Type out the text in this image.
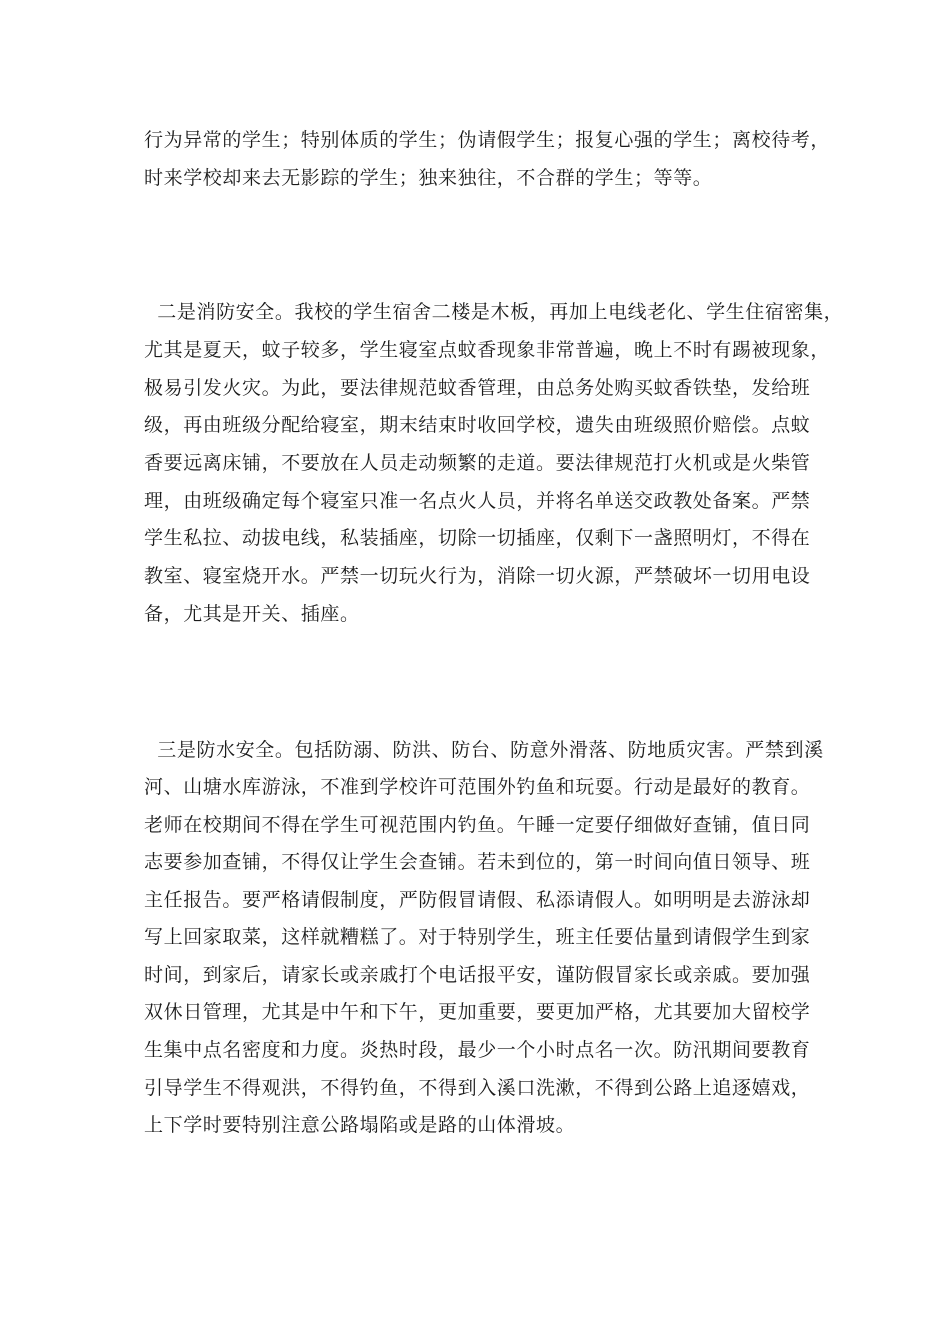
行为异常的学生；特别体质的学生；伪请假学生；报复心强的学生；离校待考，
时来学校却来去无影踪的学生；独来独往，不合群的学生；等等。
二是消防安全。我校的学生宿舍二楼是木板，再加上电线老化、学生住宿密集，
尤其是夏天，蚊子较多，学生寝室点蚊香现象非常普遍，晚上不时有踢被现象，
极易引发火灾。为此，要法律规范蚊香管理，由总务处购买蚊香铁垫，发给班
级，再由班级分配给寝室，期末结束时收回学校，遗失由班级照价赔偿。点蚊
香要远离床铺，不要放在人员走动频繁的走道。要法律规范打火机或是火柴管
理，由班级确定每个寝室只准一名点火人员，并将名单送交政教处备案。严禁
学生私拉、动拔电线，私装插座，切除一切插座，仅剩下一盏照明灯，不得在
教室、寝室烧开水。严禁一切玩火行为，消除一切火源，严禁破坏一切用电设
备，尤其是开关、插座。
三是防水安全。包括防溺、防洪、防台、防意外滑落、防地质灾害。严禁到溪
河、山塘水库游泳，不准到学校许可范围外钓鱼和玩耍。行动是最好的教育。
老师在校期间不得在学生可视范围内钓鱼。午睡一定要仔细做好查铺，值日同
志要参加查铺，不得仅让学生会查铺。若未到位的，第一时间向值日领导、班
主任报告。要严格请假制度，严防假冒请假、私添请假人。如明明是去游泳却
写上回家取菜，这样就糟糕了。对于特别学生，班主任要估量到请假学生到家
时间，到家后，请家长或亲戚打个电话报平安，谨防假冒家长或亲戚。要加强
双休日管理，尤其是中午和下午，更加重要，要更加严格，尤其要加大留校学
生集中点名密度和力度。炎热时段，最少一个小时点名一次。防汛期间要教育
引导学生不得观洪，不得钓鱼，不得到入溪口洗漱，不得到公路上追逐嬉戏，
上下学时要特别注意公路塌陷或是路的山体滑坡。
